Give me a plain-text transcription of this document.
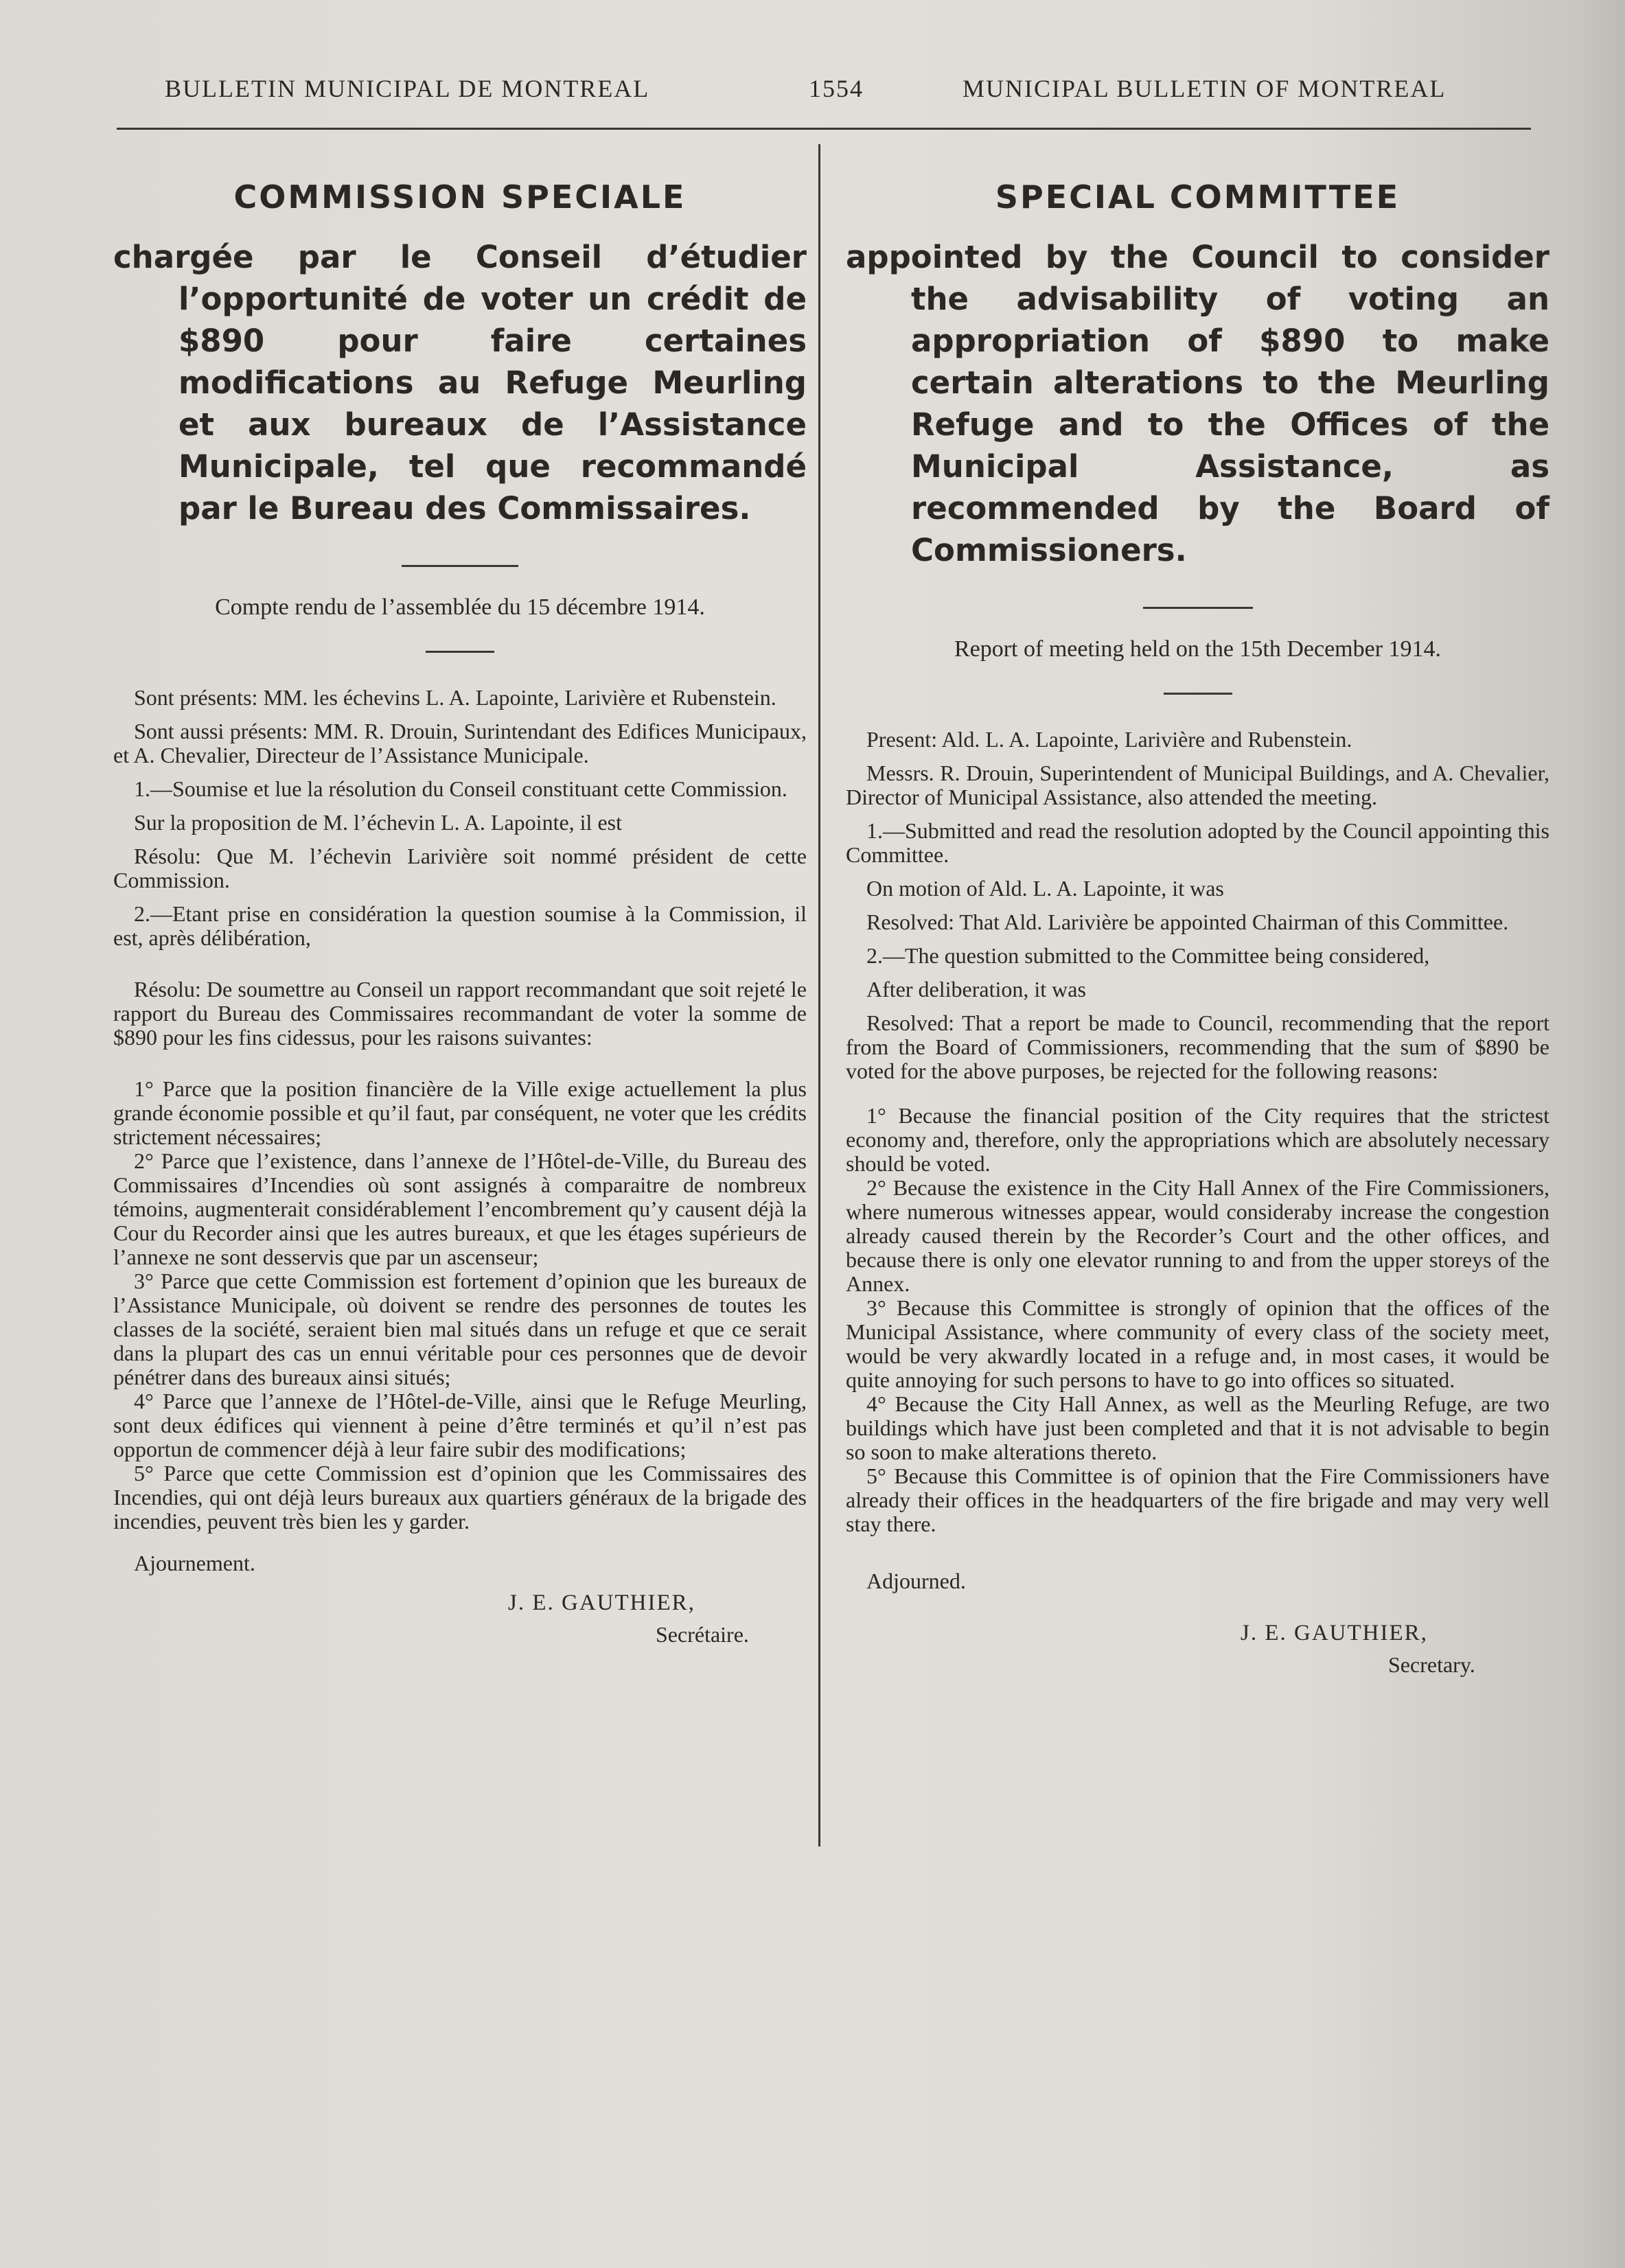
BULLETIN MUNICIPAL DE MONTREAL	1554	MUNICIPAL BULLETIN OF MONTREAL
COMMISSION SPECIALE

chargée par le Conseil d’étudier l’opportunité de voter un crédit de $890 pour faire certaines modifications au Refuge Meurling et aux bureaux de l’Assistance Municipale, tel que recommandé par le Bureau des Commissaires.

Compte rendu de l’assemblée du 15 décembre 1914.

Sont présents: MM. les échevins L. A. Lapointe, Larivière et Rubenstein.

Sont aussi présents: MM. R. Drouin, Surintendant des Edifices Municipaux, et A. Chevalier, Directeur de l’Assistance Municipale.

1.—Soumise et lue la résolution du Conseil constituant cette Commission.

Sur la proposition de M. l’échevin L. A. Lapointe, il est

Résolu: Que M. l’échevin Larivière soit nommé président de cette Commission.

2.—Etant prise en considération la question soumise à la Commission, il est, après délibération,

Résolu: De soumettre au Conseil un rapport recommandant que soit rejeté le rapport du Bureau des Commissaires recommandant de voter la somme de $890 pour les fins cidessus, pour les raisons suivantes:

1° Parce que la position financière de la Ville exige actuellement la plus grande économie possible et qu’il faut, par conséquent, ne voter que les crédits strictement nécessaires;

2° Parce que l’existence, dans l’annexe de l’Hôtel-de-Ville, du Bureau des Commissaires d’Incendies où sont assignés à comparaitre de nombreux témoins, augmenterait considérablement l’encombrement qu’y causent déjà la Cour du Recorder ainsi que les autres bureaux, et que les étages supérieurs de l’annexe ne sont desservis que par un ascenseur;

3° Parce que cette Commission est fortement d’opinion que les bureaux de l’Assistance Municipale, où doivent se rendre des personnes de toutes les classes de la société, seraient bien mal situés dans un refuge et que ce serait dans la plupart des cas un ennui véritable pour ces personnes que de devoir pénétrer dans des bureaux ainsi situés;

4° Parce que l’annexe de l’Hôtel-de-Ville, ainsi que le Refuge Meurling, sont deux édifices qui viennent à peine d’être terminés et qu’il n’est pas opportun de commencer déjà à leur faire subir des modifications;

5° Parce que cette Commission est d’opinion que les Commissaires des Incendies, qui ont déjà leurs bureaux aux quartiers généraux de la brigade des incendies, peuvent très bien les y garder.

Ajournement.

J. E. GAUTHIER,
Secrétaire.
SPECIAL COMMITTEE

appointed by the Council to consider the advisability of voting an appropriation of $890 to make certain alterations to the Meurling Refuge and to the Offices of the Municipal Assistance, as recommended by the Board of Commissioners.

Report of meeting held on the 15th December 1914.

Present: Ald. L. A. Lapointe, Larivière and Rubenstein.

Messrs. R. Drouin, Superintendent of Municipal Buildings, and A. Chevalier, Director of Municipal Assistance, also attended the meeting.

1.—Submitted and read the resolution adopted by the Council appointing this Committee.

On motion of Ald. L. A. Lapointe, it was

Resolved: That Ald. Larivière be appointed Chairman of this Committee.

2.—The question submitted to the Committee being considered,

After deliberation, it was

Resolved: That a report be made to Council, recommending that the report from the Board of Commissioners, recommending that the sum of $890 be voted for the above purposes, be rejected for the following reasons:

1° Because the financial position of the City requires that the strictest economy and, therefore, only the appropriations which are absolutely necessary should be voted.

2° Because the existence in the City Hall Annex of the Fire Commissioners, where numerous witnesses appear, would consideraby increase the congestion already caused therein by the Recorder’s Court and the other offices, and because there is only one elevator running to and from the upper storeys of the Annex.

3° Because this Committee is strongly of opinion that the offices of the Municipal Assistance, where community of every class of the society meet, would be very akwardly located in a refuge and, in most cases, it would be quite annoying for such persons to have to go into offices so situated.

4° Because the City Hall Annex, as well as the Meurling Refuge, are two buildings which have just been completed and that it is not advisable to begin so soon to make alterations thereto.

5° Because this Committee is of opinion that the Fire Commissioners have already their offices in the headquarters of the fire brigade and may very well stay there.

Adjourned.

J. E. GAUTHIER,
Secretary.
